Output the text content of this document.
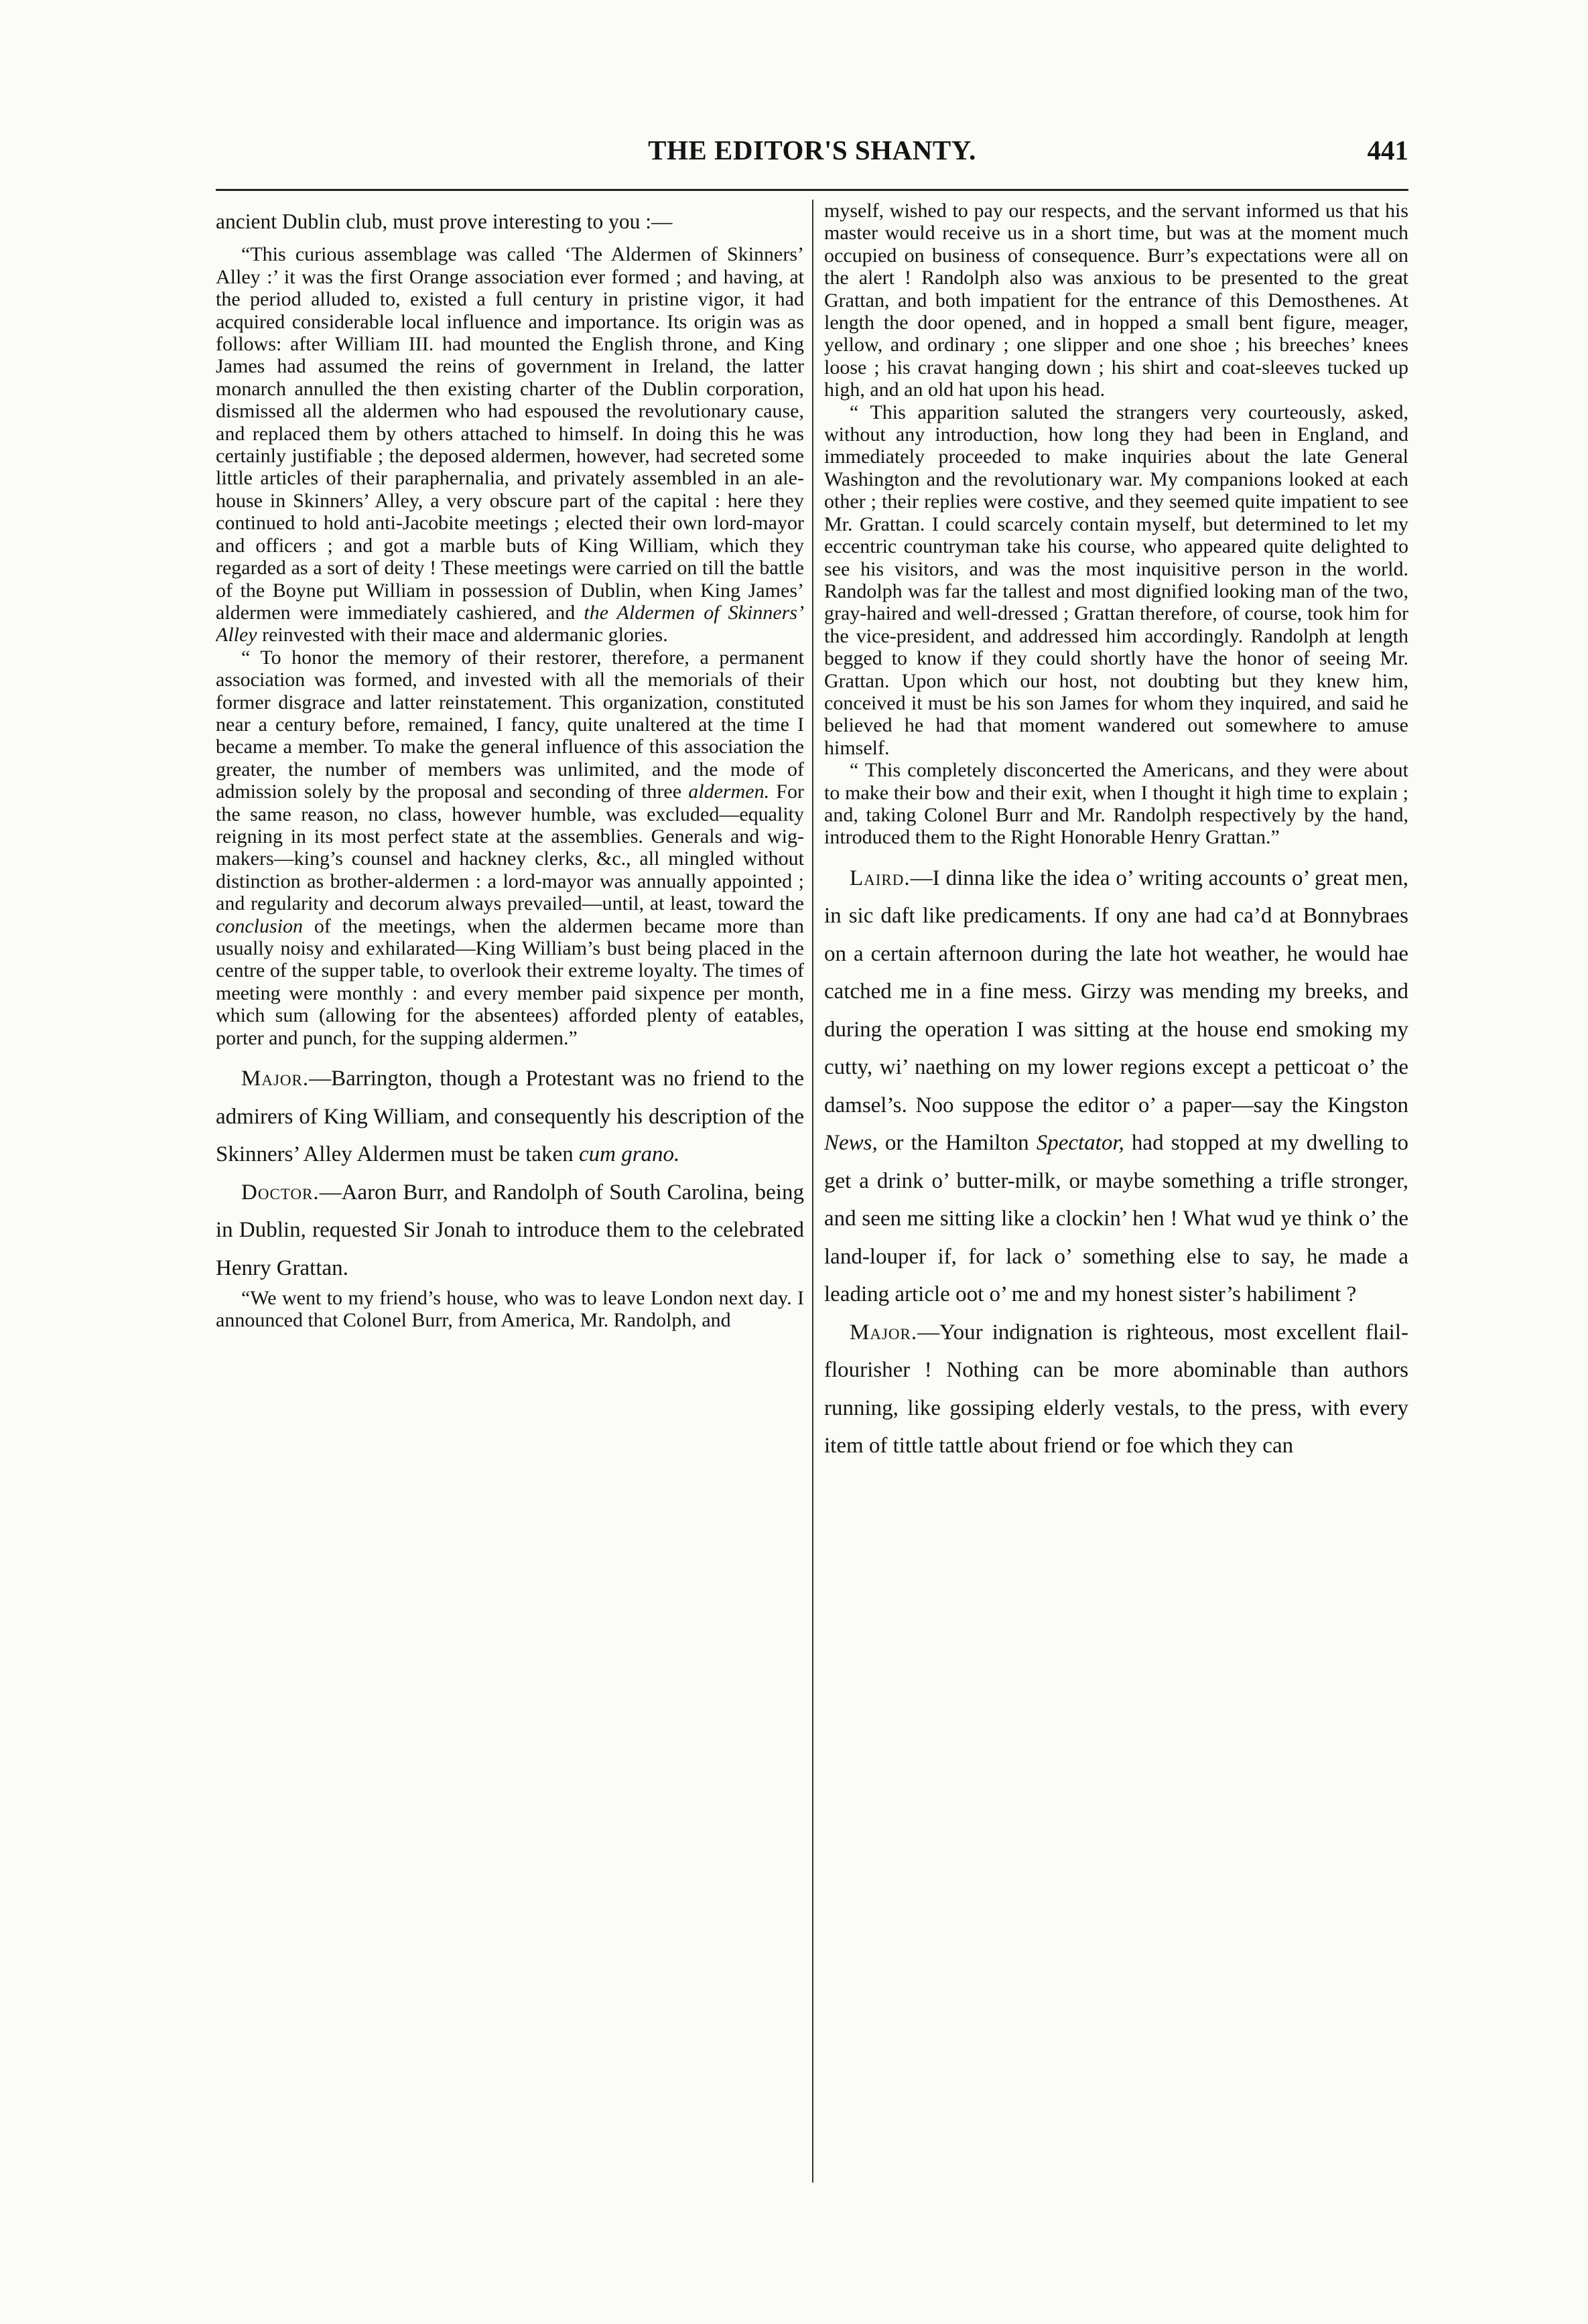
THE EDITOR'S SHANTY.	441

ancient Dublin club, must prove interesting to you :—

“This curious assemblage was called ‘The Aldermen of Skinners’ Alley :’ it was the first Orange association ever formed ; and having, at the period alluded to, existed a full century in pristine vigor, it had acquired considerable local influence and importance. Its origin was as follows: after William III. had mounted the English throne, and King James had assumed the reins of government in Ireland, the latter monarch annulled the then existing charter of the Dublin corporation, dismissed all the aldermen who had espoused the revolutionary cause, and replaced them by others attached to himself. In doing this he was certainly justifiable ; the deposed aldermen, however, had secreted some little articles of their paraphernalia, and privately assembled in an ale-house in Skinners’ Alley, a very obscure part of the capital : here they continued to hold anti-Jacobite meetings ; elected their own lord-mayor and officers ; and got a marble buts of King William, which they regarded as a sort of deity ! These meetings were carried on till the battle of the Boyne put William in possession of Dublin, when King James’ aldermen were immediately cashiered, and the Aldermen of Skinners’ Alley reinvested with their mace and aldermanic glories.

“ To honor the memory of their restorer, therefore, a permanent association was formed, and invested with all the memorials of their former disgrace and latter reinstatement. This organization, constituted near a century before, remained, I fancy, quite unaltered at the time I became a member. To make the general influence of this association the greater, the number of members was unlimited, and the mode of admission solely by the proposal and seconding of three aldermen. For the same reason, no class, however humble, was excluded—equality reigning in its most perfect state at the assemblies. Generals and wig-makers—king’s counsel and hackney clerks, &c., all mingled without distinction as brother-aldermen : a lord-mayor was annually appointed ; and regularity and decorum always prevailed—until, at least, toward the conclusion of the meetings, when the aldermen became more than usually noisy and exhilarated—King William’s bust being placed in the centre of the supper table, to overlook their extreme loyalty. The times of meeting were monthly : and every member paid sixpence per month, which sum (allowing for the absentees) afforded plenty of eatables, porter and punch, for the supping aldermen.”

Major.—Barrington, though a Protestant was no friend to the admirers of King William, and consequently his description of the Skinners’ Alley Aldermen must be taken cum grano.

Doctor.—Aaron Burr, and Randolph of South Carolina, being in Dublin, requested Sir Jonah to introduce them to the celebrated Henry Grattan.

“We went to my friend’s house, who was to leave London next day. I announced that Colonel Burr, from America, Mr. Randolph, and

myself, wished to pay our respects, and the servant informed us that his master would receive us in a short time, but was at the moment much occupied on business of consequence. Burr’s expectations were all on the alert ! Randolph also was anxious to be presented to the great Grattan, and both impatient for the entrance of this Demosthenes. At length the door opened, and in hopped a small bent figure, meager, yellow, and ordinary ; one slipper and one shoe ; his breeches’ knees loose ; his cravat hanging down ; his shirt and coat-sleeves tucked up high, and an old hat upon his head.

“ This apparition saluted the strangers very courteously, asked, without any introduction, how long they had been in England, and immediately proceeded to make inquiries about the late General Washington and the revolutionary war. My companions looked at each other ; their replies were costive, and they seemed quite impatient to see Mr. Grattan. I could scarcely contain myself, but determined to let my eccentric countryman take his course, who appeared quite delighted to see his visitors, and was the most inquisitive person in the world. Randolph was far the tallest and most dignified looking man of the two, gray-haired and well-dressed ; Grattan therefore, of course, took him for the vice-president, and addressed him accordingly. Randolph at length begged to know if they could shortly have the honor of seeing Mr. Grattan. Upon which our host, not doubting but they knew him, conceived it must be his son James for whom they inquired, and said he believed he had that moment wandered out somewhere to amuse himself.

“ This completely disconcerted the Americans, and they were about to make their bow and their exit, when I thought it high time to explain ; and, taking Colonel Burr and Mr. Randolph respectively by the hand, introduced them to the Right Honorable Henry Grattan.”

Laird.—I dinna like the idea o’ writing accounts o’ great men, in sic daft like predicaments. If ony ane had ca’d at Bonnybraes on a certain afternoon during the late hot weather, he would hae catched me in a fine mess. Girzy was mending my breeks, and during the operation I was sitting at the house end smoking my cutty, wi’ naething on my lower regions except a petticoat o’ the damsel’s. Noo suppose the editor o’ a paper—say the Kingston News, or the Hamilton Spectator, had stopped at my dwelling to get a drink o’ butter-milk, or maybe something a trifle stronger, and seen me sitting like a clockin’ hen ! What wud ye think o’ the land-louper if, for lack o’ something else to say, he made a leading article oot o’ me and my honest sister’s habiliment ?

Major.—Your indignation is righteous, most excellent flail-flourisher ! Nothing can be more abominable than authors running, like gossiping elderly vestals, to the press, with every item of tittle tattle about friend or foe which they can
